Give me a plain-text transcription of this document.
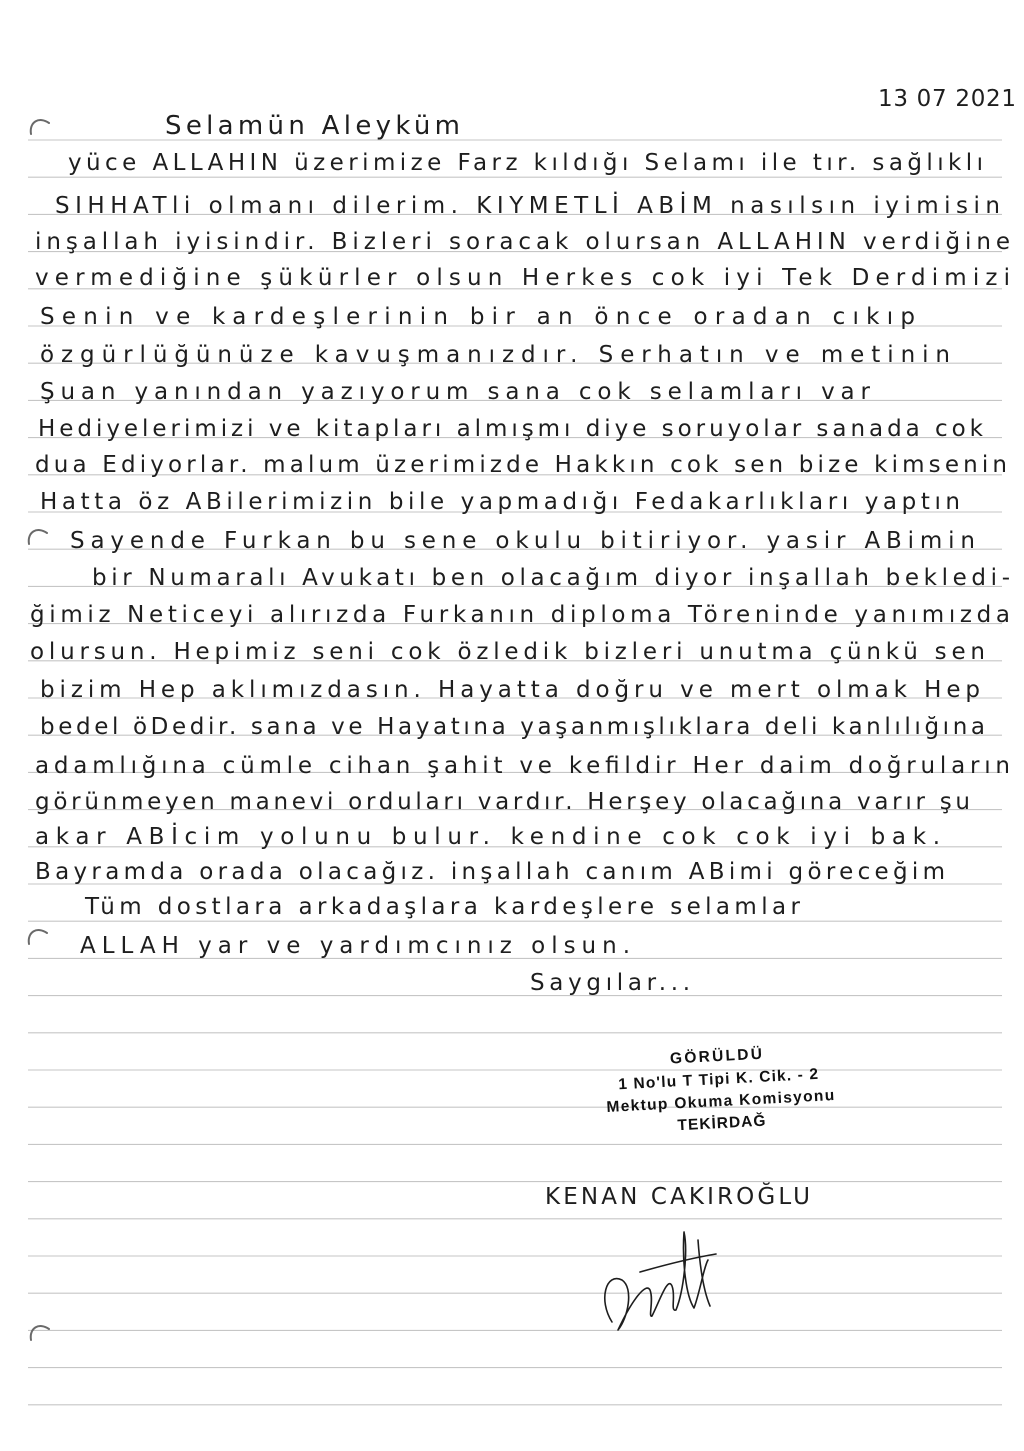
13 07 2021
Selamün Aleyküm
yüce ALLAHIN üzerimize Farz kıldığı Selamı ile tır. sağlıklı
SIHHATli olmanı dilerim. KIYMETLİ ABİM nasılsın iyimisin
inşallah iyisindir. Bizleri soracak olursan ALLAHIN verdiğine
vermediğine şükürler olsun Herkes cok iyi Tek Derdimizi
Senin ve kardeşlerinin bir an önce oradan cıkıp
özgürlüğünüze kavuşmanızdır. Serhatın ve metinin
Şuan yanından yazıyorum sana cok selamları var
Hediyelerimizi ve kitapları almışmı diye soruyolar sanada cok
dua Ediyorlar. malum üzerimizde Hakkın cok sen bize kimsenin
Hatta öz ABilerimizin bile yapmadığı Fedakarlıkları yaptın
Sayende Furkan bu sene okulu bitiriyor. yasir ABimin
bir Numaralı Avukatı ben olacağım diyor inşallah bekledi-
ğimiz Neticeyi alırızda Furkanın diploma Töreninde yanımızda
olursun. Hepimiz seni cok özledik bizleri unutma çünkü sen
bizim Hep aklımızdasın. Hayatta doğru ve mert olmak Hep
bedel öDedir. sana ve Hayatına yaşanmışlıklara deli kanlılığına
adamlığına cümle cihan şahit ve kefildir Her daim doğruların
görünmeyen manevi orduları vardır. Herşey olacağına varır şu
akar ABİcim yolunu bulur. kendine cok cok iyi bak.
Bayramda orada olacağız. inşallah canım ABimi göreceğim
Tüm dostlara arkadaşlara kardeşlere selamlar
ALLAH yar ve yardımcınız olsun.
Saygılar...
GÖRÜLDÜ
1 No'lu T Tipi K. Cik. - 2
Mektup Okuma Komisyonu
TEKİRDAĞ
KENAN CAKIROĞLU
